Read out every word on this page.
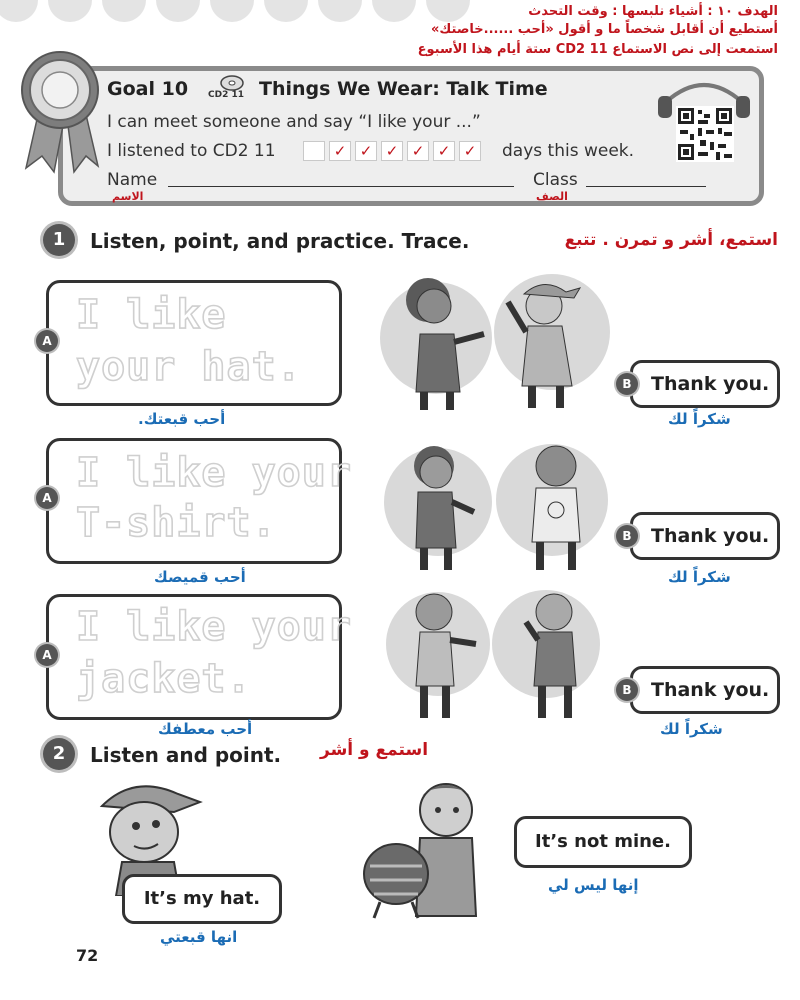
الهدف ١٠ : أشياء نلبسها : وقت التحدث
أستطيع أن أقابل شخصاً ما و أقول «أحب ......خاصتك»
استمعت إلى نص الاستماع CD2 11 ستة أيام هذا الأسبوع
Goal 10 CD2 11 Things We Wear: Talk Time
I can meet someone and say “I like your ...”
I listened to CD2 11	✓ ✓ ✓ ✓ ✓ ✓ days this week.
Name	Class
الاسم	الصف
1	Listen, point, and practice. Trace.	استمع، أشر و تمرن . تتبع
I like
your hat.
A
أحب قبعتك.
Thank you.
B
شكراً لك
I like your
T-shirt.
A
أحب قميصك
Thank you.
B
شكراً لك
I like your
jacket.
A
أحب معطفك
Thank you.
B
شكراً لك
2	Listen and point. استمع و أشر
It’s my hat.
انها قبعتي
It’s not mine.
إنها ليس لي
72
